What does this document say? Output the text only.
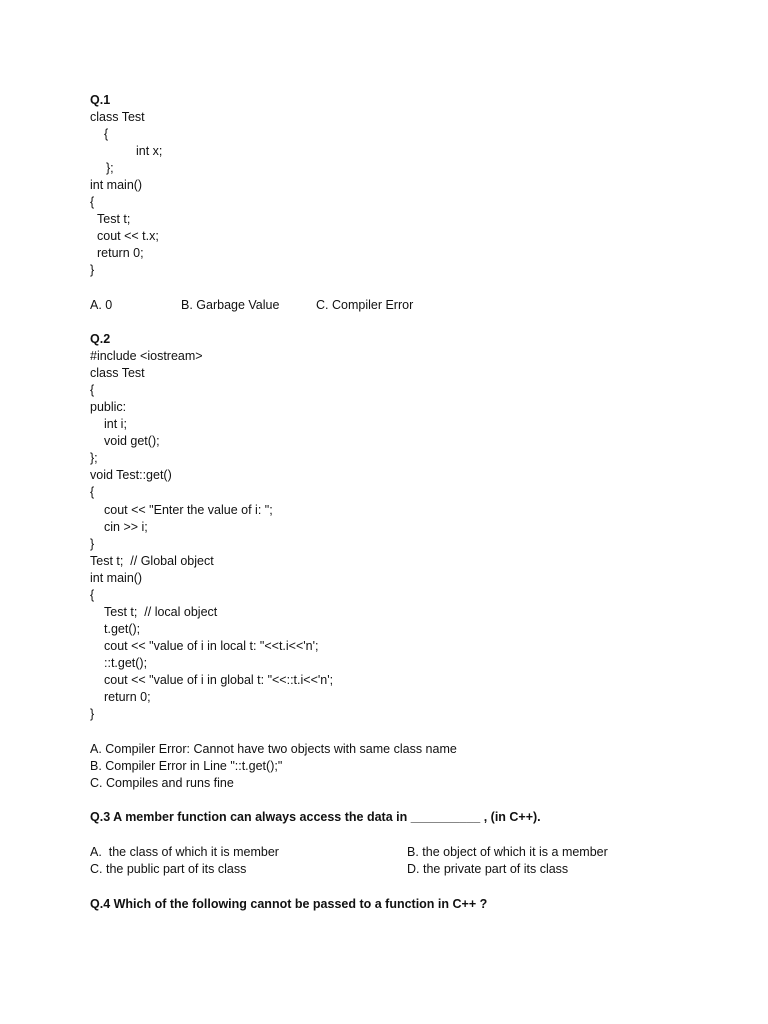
Q.1
class Test
{
int x;
};
int main()
{
Test t;
cout << t.x;
return 0;
}
A. 0	B. Garbage Value	C. Compiler Error
Q.2
#include <iostream>
class Test
{
public:
int i;
void get();
};
void Test::get()
{
cout << "Enter the value of i: ";
cin >> i;
}
Test t;  // Global object
int main()
{
Test t;  // local object
t.get();
cout << "value of i in local t: "<<t.i<<'n';
::t.get();
cout << "value of i in global t: "<<::t.i<<'n';
return 0;
}
A. Compiler Error: Cannot have two objects with same class name
B. Compiler Error in Line "::t.get();"
C. Compiles and runs fine
Q.3 A member function can always access the data in __________ , (in C++).
A.  the class of which it is member	B. the object of which it is a member
C. the public part of its class	D. the private part of its class
Q.4 Which of the following cannot be passed to a function in C++ ?
